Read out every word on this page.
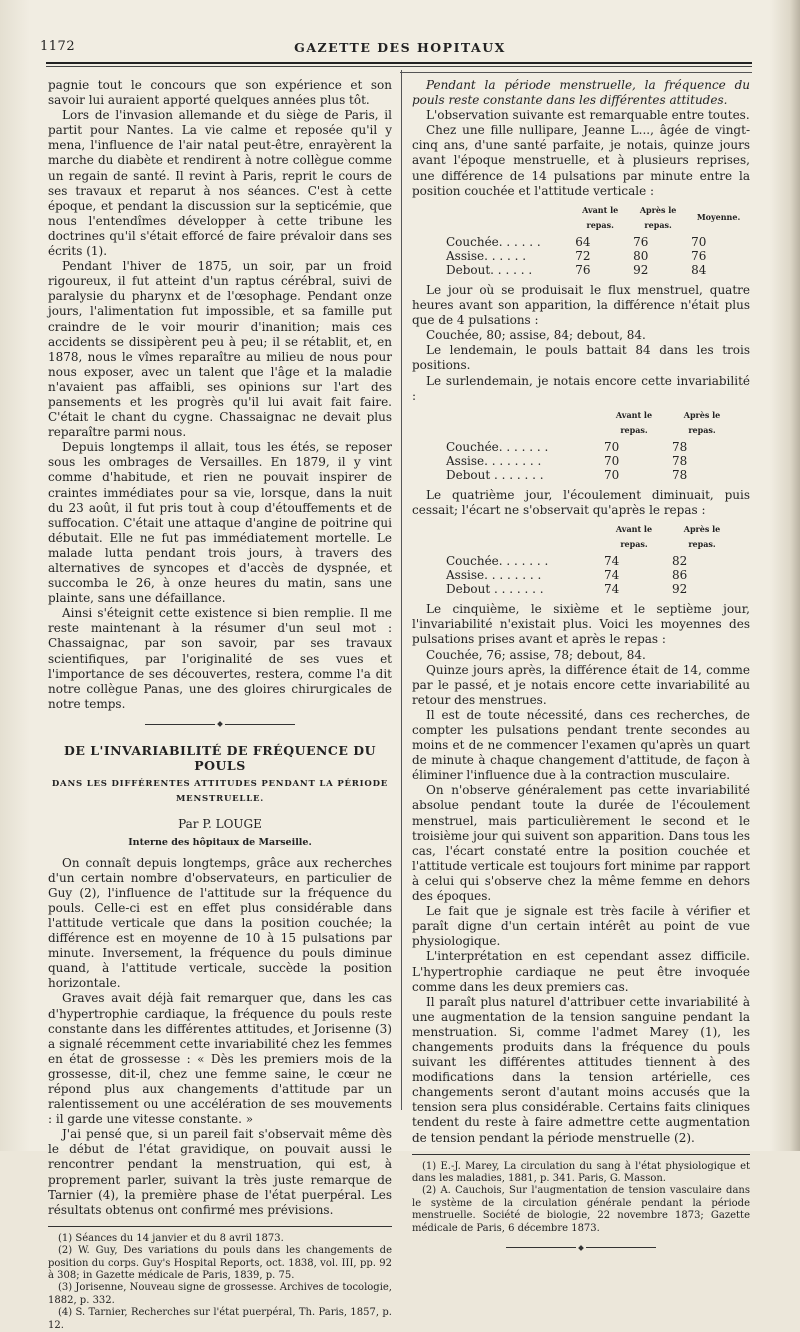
1172	GAZETTE DES HOPITAUX

pagnie tout le concours que son expérience et son savoir lui auraient apporté quelques années plus tôt.

Lors de l'invasion allemande et du siège de Paris, il partit pour Nantes. La vie calme et reposée qu'il y mena, l'influence de l'air natal peut-être, enrayèrent la marche du diabète et rendirent à notre collègue comme un regain de santé. Il revint à Paris, reprit le cours de ses travaux et reparut à nos séances. C'est à cette époque, et pendant la discussion sur la septicémie, que nous l'entendîmes développer à cette tribune les doctrines qu'il s'était efforcé de faire prévaloir dans ses écrits (1).

Pendant l'hiver de 1875, un soir, par un froid rigoureux, il fut atteint d'un raptus cérébral, suivi de paralysie du pharynx et de l'œsophage. Pendant onze jours, l'alimentation fut impossible, et sa famille put craindre de le voir mourir d'inanition; mais ces accidents se dissipèrent peu à peu; il se rétablit, et, en 1878, nous le vîmes reparaître au milieu de nous pour nous exposer, avec un talent que l'âge et la maladie n'avaient pas affaibli, ses opinions sur l'art des pansements et les progrès qu'il lui avait fait faire. C'était le chant du cygne. Chassaignac ne devait plus reparaître parmi nous.

Depuis longtemps il allait, tous les étés, se reposer sous les ombrages de Versailles. En 1879, il y vint comme d'habitude, et rien ne pouvait inspirer de craintes immédiates pour sa vie, lorsque, dans la nuit du 23 août, il fut pris tout à coup d'étouffements et de suffocation. C'était une attaque d'angine de poitrine qui débutait. Elle ne fut pas immédiatement mortelle. Le malade lutta pendant trois jours, à travers des alternatives de syncopes et d'accès de dyspnée, et succomba le 26, à onze heures du matin, sans une plainte, sans une défaillance.

Ainsi s'éteignit cette existence si bien remplie. Il me reste maintenant à la résumer d'un seul mot : Chassaignac, par son savoir, par ses travaux scientifiques, par l'originalité de ses vues et l'importance de ses découvertes, restera, comme l'a dit notre collègue Panas, une des gloires chirurgicales de notre temps.

DE L'INVARIABILITÉ DE FRÉQUENCE DU POULS
DANS LES DIFFÉRENTES ATTITUDES PENDANT LA PÉRIODE MENSTRUELLE.
Par P. LOUGE
Interne des hôpitaux de Marseille.

On connaît depuis longtemps, grâce aux recherches d'un certain nombre d'observateurs, en particulier de Guy (2), l'influence de l'attitude sur la fréquence du pouls. Celle-ci est en effet plus considérable dans l'attitude verticale que dans la position couchée; la différence est en moyenne de 10 à 15 pulsations par minute. Inversement, la fréquence du pouls diminue quand, à l'attitude verticale, succède la position horizontale.

Graves avait déjà fait remarquer que, dans les cas d'hypertrophie cardiaque, la fréquence du pouls reste constante dans les différentes attitudes, et Jorisenne (3) a signalé récemment cette invariabilité chez les femmes en état de grossesse : « Dès les premiers mois de la grossesse, dit-il, chez une femme saine, le cœur ne répond plus aux changements d'attitude par un ralentissement ou une accélération de ses mouvements : il garde une vitesse constante. »

J'ai pensé que, si un pareil fait s'observait même dès le début de l'état gravidique, on pouvait aussi le rencontrer pendant la menstruation, qui est, à proprement parler, suivant la très juste remarque de Tarnier (4), la première phase de l'état puerpéral. Les résultats obtenus ont confirmé mes prévisions.

(1) Séances du 14 janvier et du 8 avril 1873.

(2) W. Guy, Des variations du pouls dans les changements de position du corps. Guy's Hospital Reports, oct. 1838, vol. III, pp. 92 à 308; in Gazette médicale de Paris, 1839, p. 75.

(3) Jorisenne, Nouveau signe de grossesse. Archives de tocologie, 1882, p. 332.

(4) S. Tarnier, Recherches sur l'état puerpéral, Th. Paris, 1857, p. 12.

Pendant la période menstruelle, la fréquence du pouls reste constante dans les différentes attitudes.

L'observation suivante est remarquable entre toutes.

Chez une fille nullipare, Jeanne L..., âgée de vingt-cinq ans, d'une santé parfaite, je notais, quinze jours avant l'époque menstruelle, et à plusieurs reprises, une différence de 14 pulsations par minute entre la position couchée et l'attitude verticale :

	Avant le repas.	Après le repas.	Moyenne.
Couchée. . . . . .	64	76	70
Assise. . . . . .	72	80	76
Debout. . . . . .	76	92	84

Le jour où se produisait le flux menstruel, quatre heures avant son apparition, la différence n'était plus que de 4 pulsations :

Couchée, 80; assise, 84; debout, 84.

Le lendemain, le pouls battait 84 dans les trois positions.

Le surlendemain, je notais encore cette invariabilité :

	Avant le repas.	Après le repas.
Couchée. . . . . . .	70	78
Assise. . . . . . . .	70	78
Debout . . . . . . .	70	78

Le quatrième jour, l'écoulement diminuait, puis cessait; l'écart ne s'observait qu'après le repas :

	Avant le repas.	Après le repas.
Couchée. . . . . . .	74	82
Assise. . . . . . . .	74	86
Debout . . . . . . .	74	92

Le cinquième, le sixième et le septième jour, l'invariabilité n'existait plus. Voici les moyennes des pulsations prises avant et après le repas :

Couchée, 76; assise, 78; debout, 84.

Quinze jours après, la différence était de 14, comme par le passé, et je notais encore cette invariabilité au retour des menstrues.

Il est de toute nécessité, dans ces recherches, de compter les pulsations pendant trente secondes au moins et de ne commencer l'examen qu'après un quart de minute à chaque changement d'attitude, de façon à éliminer l'influence due à la contraction musculaire.

On n'observe généralement pas cette invariabilité absolue pendant toute la durée de l'écoulement menstruel, mais particulièrement le second et le troisième jour qui suivent son apparition. Dans tous les cas, l'écart constaté entre la position couchée et l'attitude verticale est toujours fort minime par rapport à celui qui s'observe chez la même femme en dehors des époques.

Le fait que je signale est très facile à vérifier et paraît digne d'un certain intérêt au point de vue physiologique.

L'interprétation en est cependant assez difficile. L'hypertrophie cardiaque ne peut être invoquée comme dans les deux premiers cas.

Il paraît plus naturel d'attribuer cette invariabilité à une augmentation de la tension sanguine pendant la menstruation. Si, comme l'admet Marey (1), les changements produits dans la fréquence du pouls suivant les différentes attitudes tiennent à des modifications dans la tension artérielle, ces changements seront d'autant moins accusés que la tension sera plus considérable. Certains faits cliniques tendent du reste à faire admettre cette augmentation de tension pendant la période menstruelle (2).

(1) E.-J. Marey, La circulation du sang à l'état physiologique et dans les maladies, 1881, p. 341. Paris, G. Masson.

(2) A. Cauchois, Sur l'augmentation de tension vasculaire dans le système de la circulation générale pendant la période menstruelle. Société de biologie, 22 novembre 1873; Gazette médicale de Paris, 6 décembre 1873.
